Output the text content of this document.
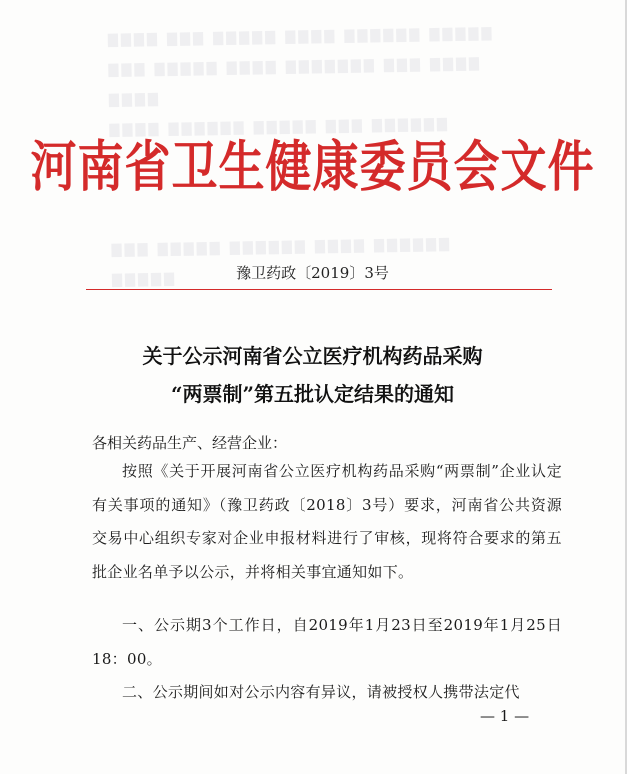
▇▇▇▇ ▇▇▇ ▇▇▇▇▇ ▇▇▇▇ ▇▇▇▇▇▇ ▇▇▇▇▇
▇▇▇ ▇▇▇▇▇ ▇▇▇▇ ▇▇▇▇▇▇▇ ▇▇▇ ▇▇▇▇
▇▇▇▇
▇▇▇▇ ▇▇▇▇▇▇ ▇▇▇▇▇ ▇▇▇ ▇▇▇▇▇▇

▇▇▇ ▇▇▇▇▇ ▇▇▇▇▇▇ ▇▇▇▇ ▇▇▇▇▇▇
▇▇▇▇▇
河南省卫生健康委员会文件
豫卫药政〔2019〕3号
关于公示河南省公立医疗机构药品采购
“两票制”第五批认定结果的通知
各相关药品生产、经营企业：
按照《关于开展河南省公立医疗机构药品采购“两票制”企业认定有关事项的通知》（豫卫药政〔2018〕3号）要求，河南省公共资源交易中心组织专家对企业申报材料进行了审核，现将符合要求的第五批企业名单予以公示，并将相关事宜通知如下。
一、公示期3个工作日，自2019年1月23日至2019年1月25日18：00。
二、公示期间如对公示内容有异议，请被授权人携带法定代
— 1 —
